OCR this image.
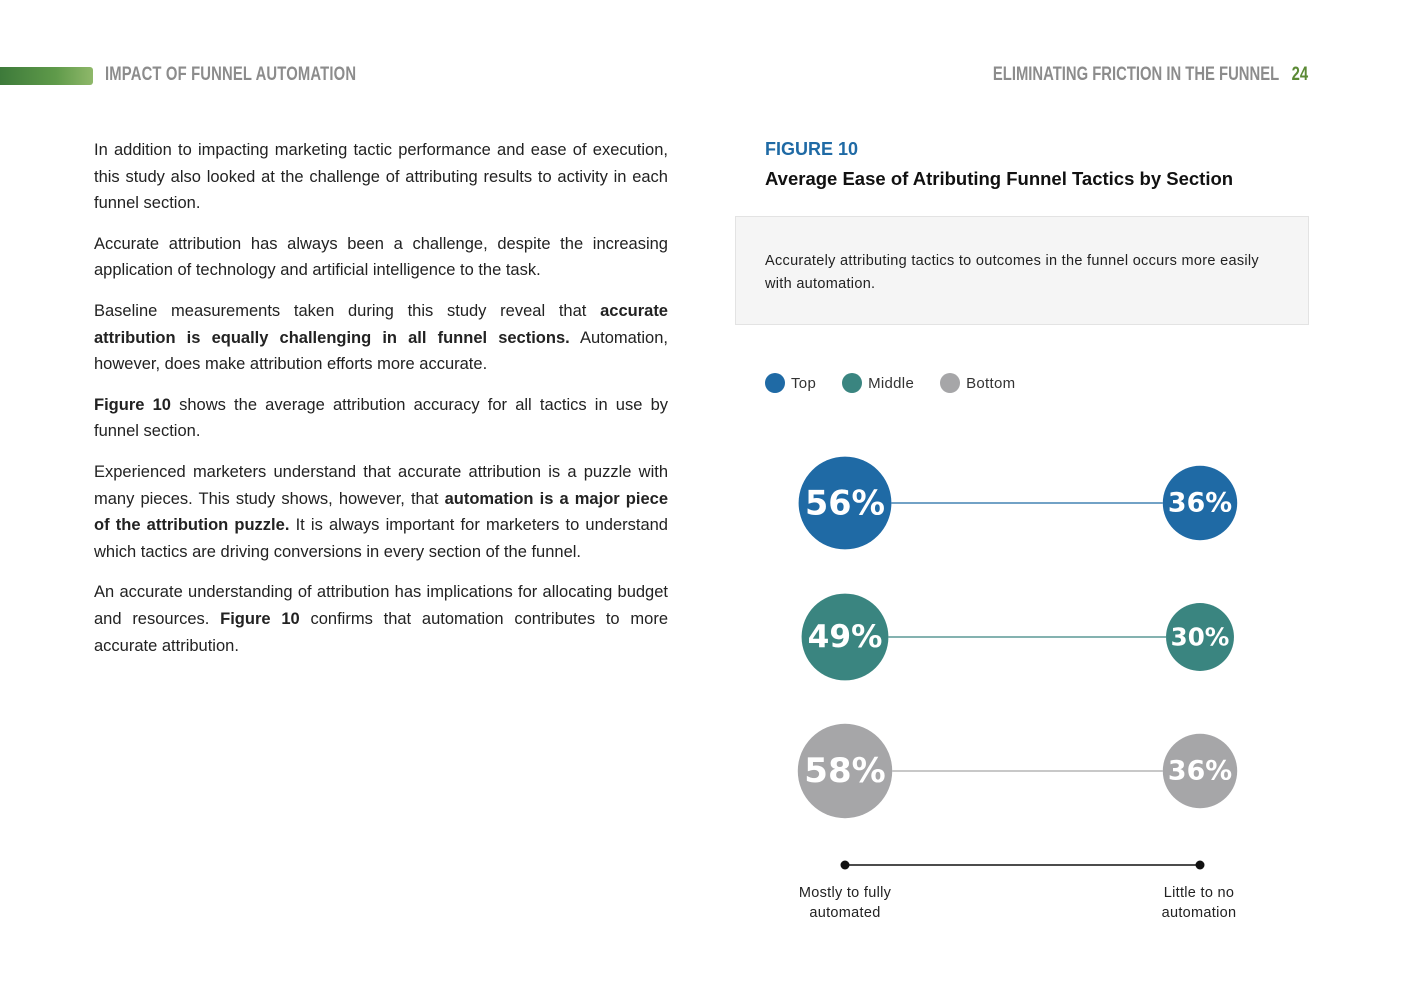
IMPACT OF FUNNEL AUTOMATION	ELIMINATING FRICTION IN THE FUNNEL 24

In addition to impacting marketing tactic performance and ease of execution, this study also looked at the challenge of attributing results to activity in each funnel section.

Accurate attribution has always been a challenge, despite the increasing application of technology and artificial intelligence to the task.

Baseline measurements taken during this study reveal that accurate attribution is equally challenging in all funnel sections. Automation, however, does make attribution efforts more accurate.

Figure 10 shows the average attribution accuracy for all tactics in use by funnel section.

Experienced marketers understand that accurate attribution is a puzzle with many pieces. This study shows, however, that automation is a major piece of the attribution puzzle. It is always important for marketers to understand which tactics are driving conversions in every section of the funnel.

An accurate understanding of attribution has implications for allocating budget and resources. Figure 10 confirms that automation contributes to more accurate attribution.

FIGURE 10
Average Ease of Atributing Funnel Tactics by Section
Accurately attributing tactics to outcomes in the funnel occurs more easily with automation.
Top	Middle	Bottom
56%	36%
49%	30%
58%	36%
Mostly to fully automated
Little to no automation
